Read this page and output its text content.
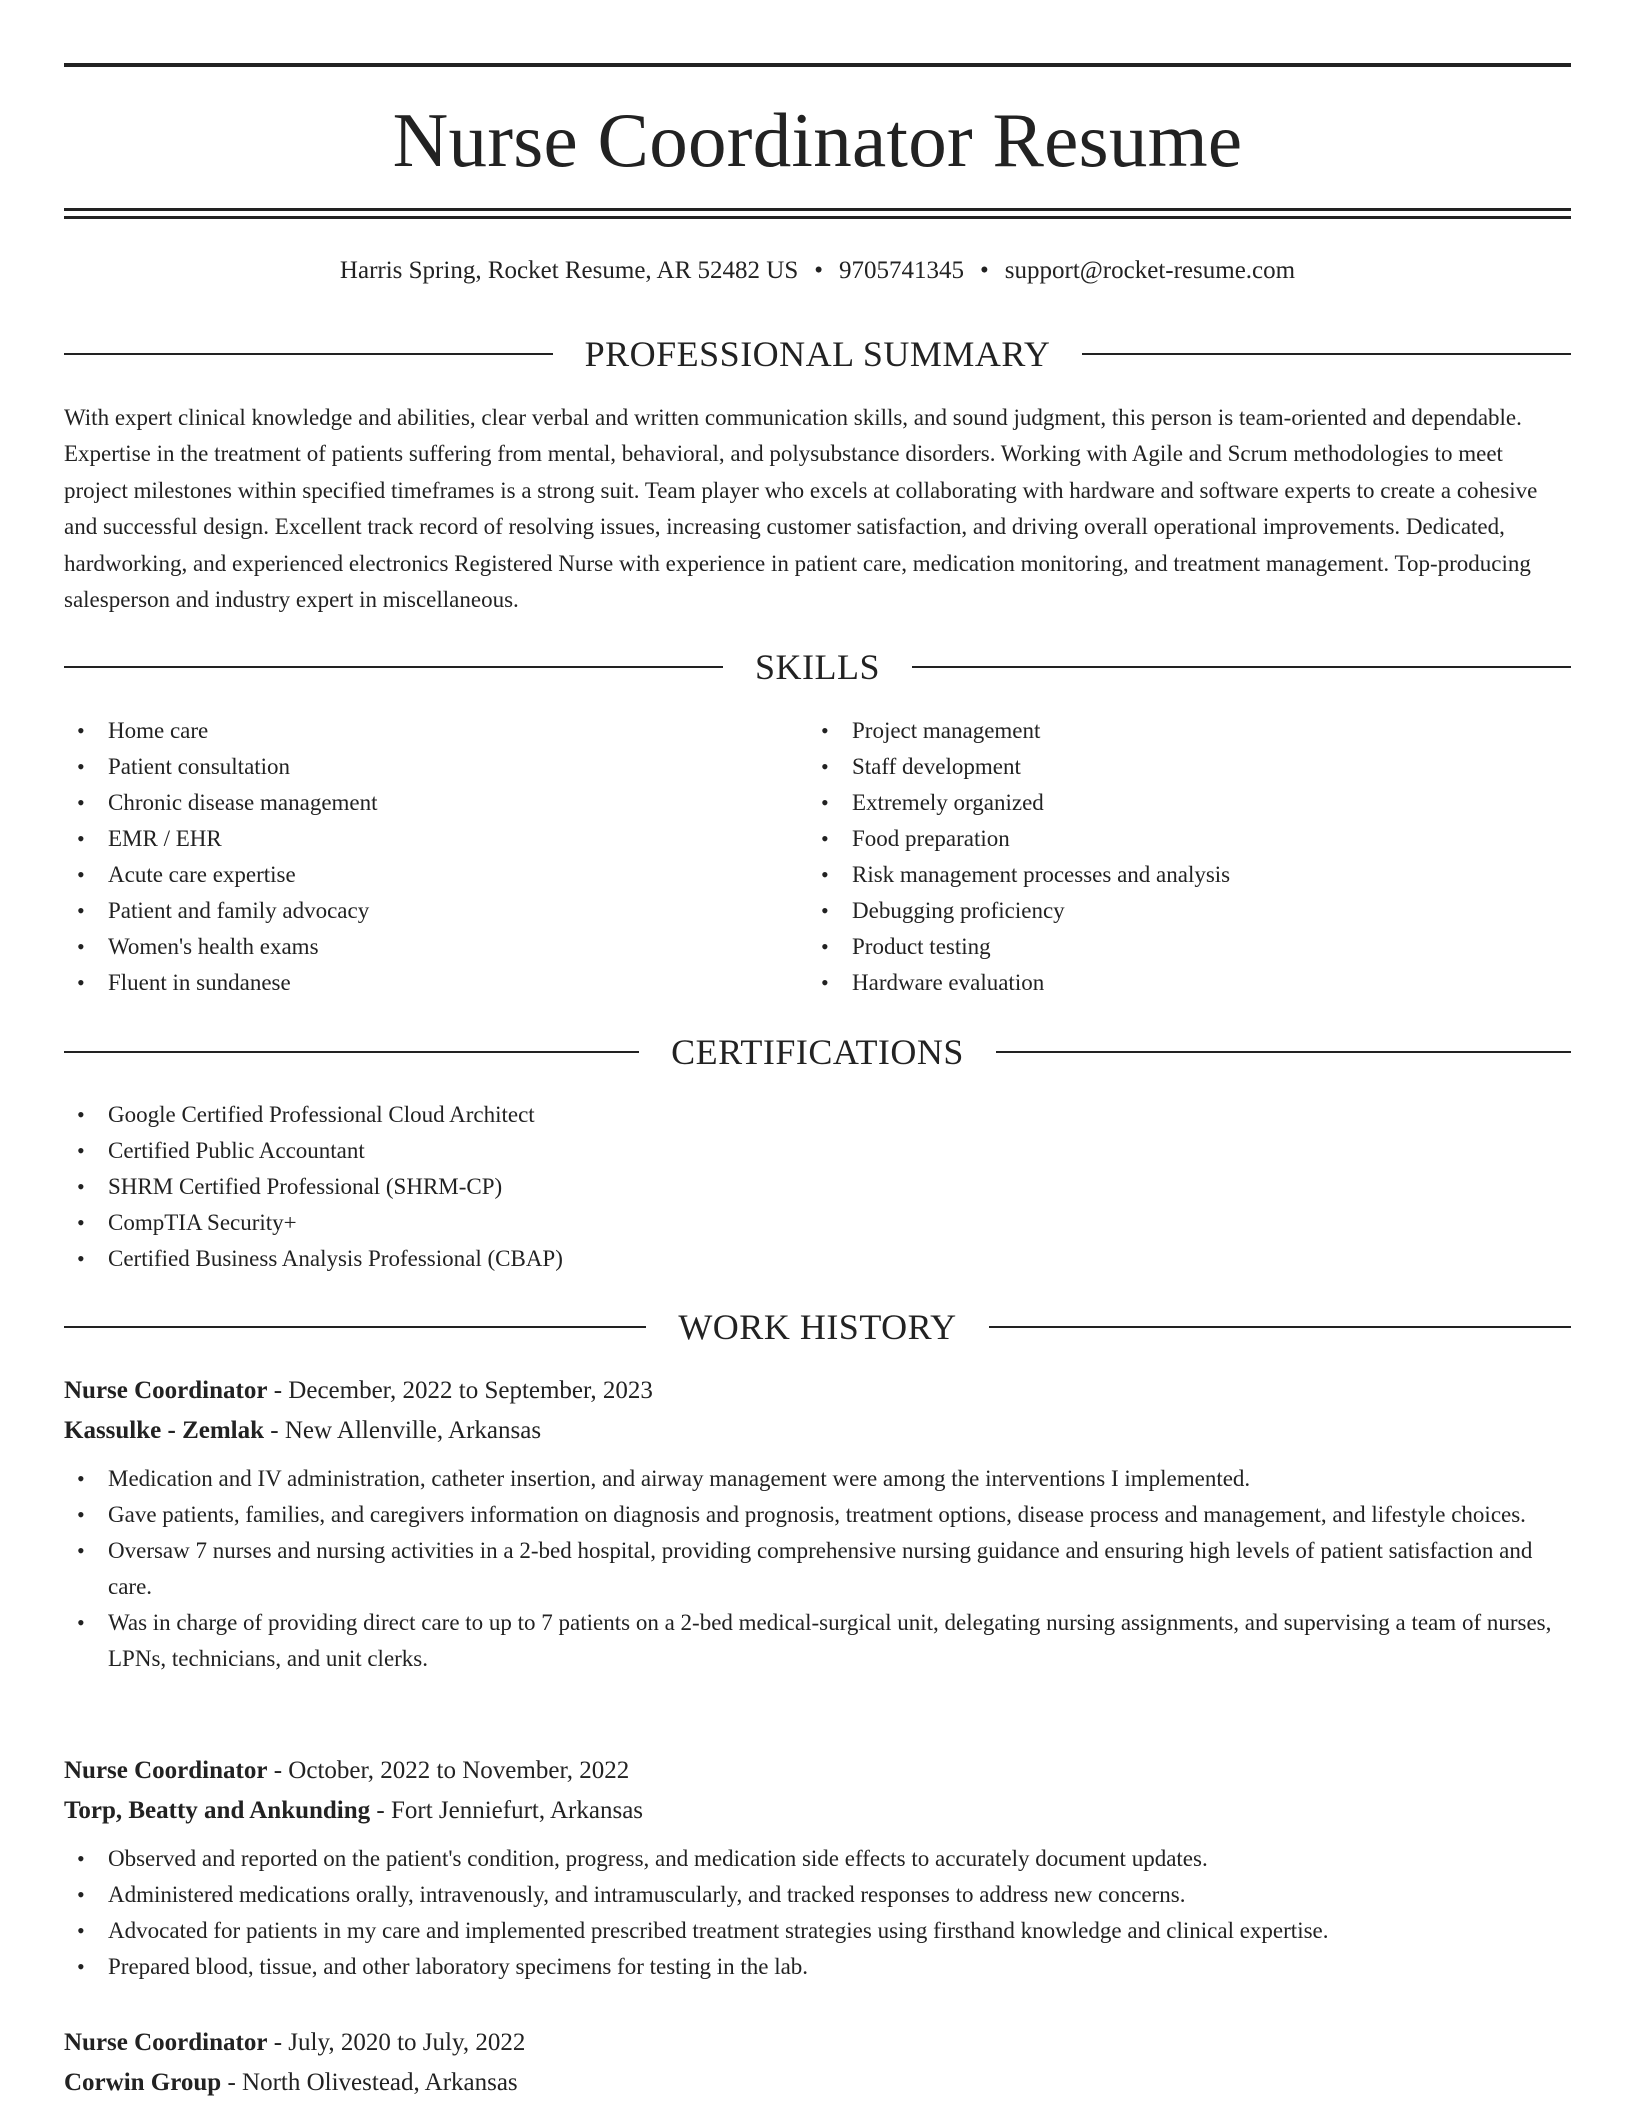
Nurse Coordinator Resume
Harris Spring, Rocket Resume, AR 52482 US • 9705741345 • support@rocket-resume.com
PROFESSIONAL SUMMARY

With expert clinical knowledge and abilities, clear verbal and written communication skills, and sound judgment, this person is team-oriented and dependable. Expertise in the treatment of patients suffering from mental, behavioral, and polysubstance disorders. Working with Agile and Scrum methodologies to meet project milestones within specified timeframes is a strong suit. Team player who excels at collaborating with hardware and software experts to create a cohesive and successful design. Excellent track record of resolving issues, increasing customer satisfaction, and driving overall operational improvements. Dedicated, hardworking, and experienced electronics Registered Nurse with experience in patient care, medication monitoring, and treatment management. Top-producing salesperson and industry expert in miscellaneous.

SKILLS
• Home care
• Patient consultation
• Chronic disease management
• EMR / EHR
• Acute care expertise
• Patient and family advocacy
• Women's health exams
• Fluent in sundanese
• Project management
• Staff development
• Extremely organized
• Food preparation
• Risk management processes and analysis
• Debugging proficiency
• Product testing
• Hardware evaluation
CERTIFICATIONS
• Google Certified Professional Cloud Architect
• Certified Public Accountant
• SHRM Certified Professional (SHRM-CP)
• CompTIA Security+
• Certified Business Analysis Professional (CBAP)
WORK HISTORY
Nurse Coordinator - December, 2022 to September, 2023
Kassulke - Zemlak - New Allenville, Arkansas
• Medication and IV administration, catheter insertion, and airway management were among the interventions I implemented.
• Gave patients, families, and caregivers information on diagnosis and prognosis, treatment options, disease process and management, and lifestyle choices.
• Oversaw 7 nurses and nursing activities in a 2-bed hospital, providing comprehensive nursing guidance and ensuring high levels of patient satisfaction and care.
• Was in charge of providing direct care to up to 7 patients on a 2-bed medical-surgical unit, delegating nursing assignments, and supervising a team of nurses, LPNs, technicians, and unit clerks.
Nurse Coordinator - October, 2022 to November, 2022
Torp, Beatty and Ankunding - Fort Jenniefurt, Arkansas
• Observed and reported on the patient's condition, progress, and medication side effects to accurately document updates.
• Administered medications orally, intravenously, and intramuscularly, and tracked responses to address new concerns.
• Advocated for patients in my care and implemented prescribed treatment strategies using firsthand knowledge and clinical expertise.
• Prepared blood, tissue, and other laboratory specimens for testing in the lab.
Nurse Coordinator - July, 2020 to July, 2022
Corwin Group - North Olivestead, Arkansas
